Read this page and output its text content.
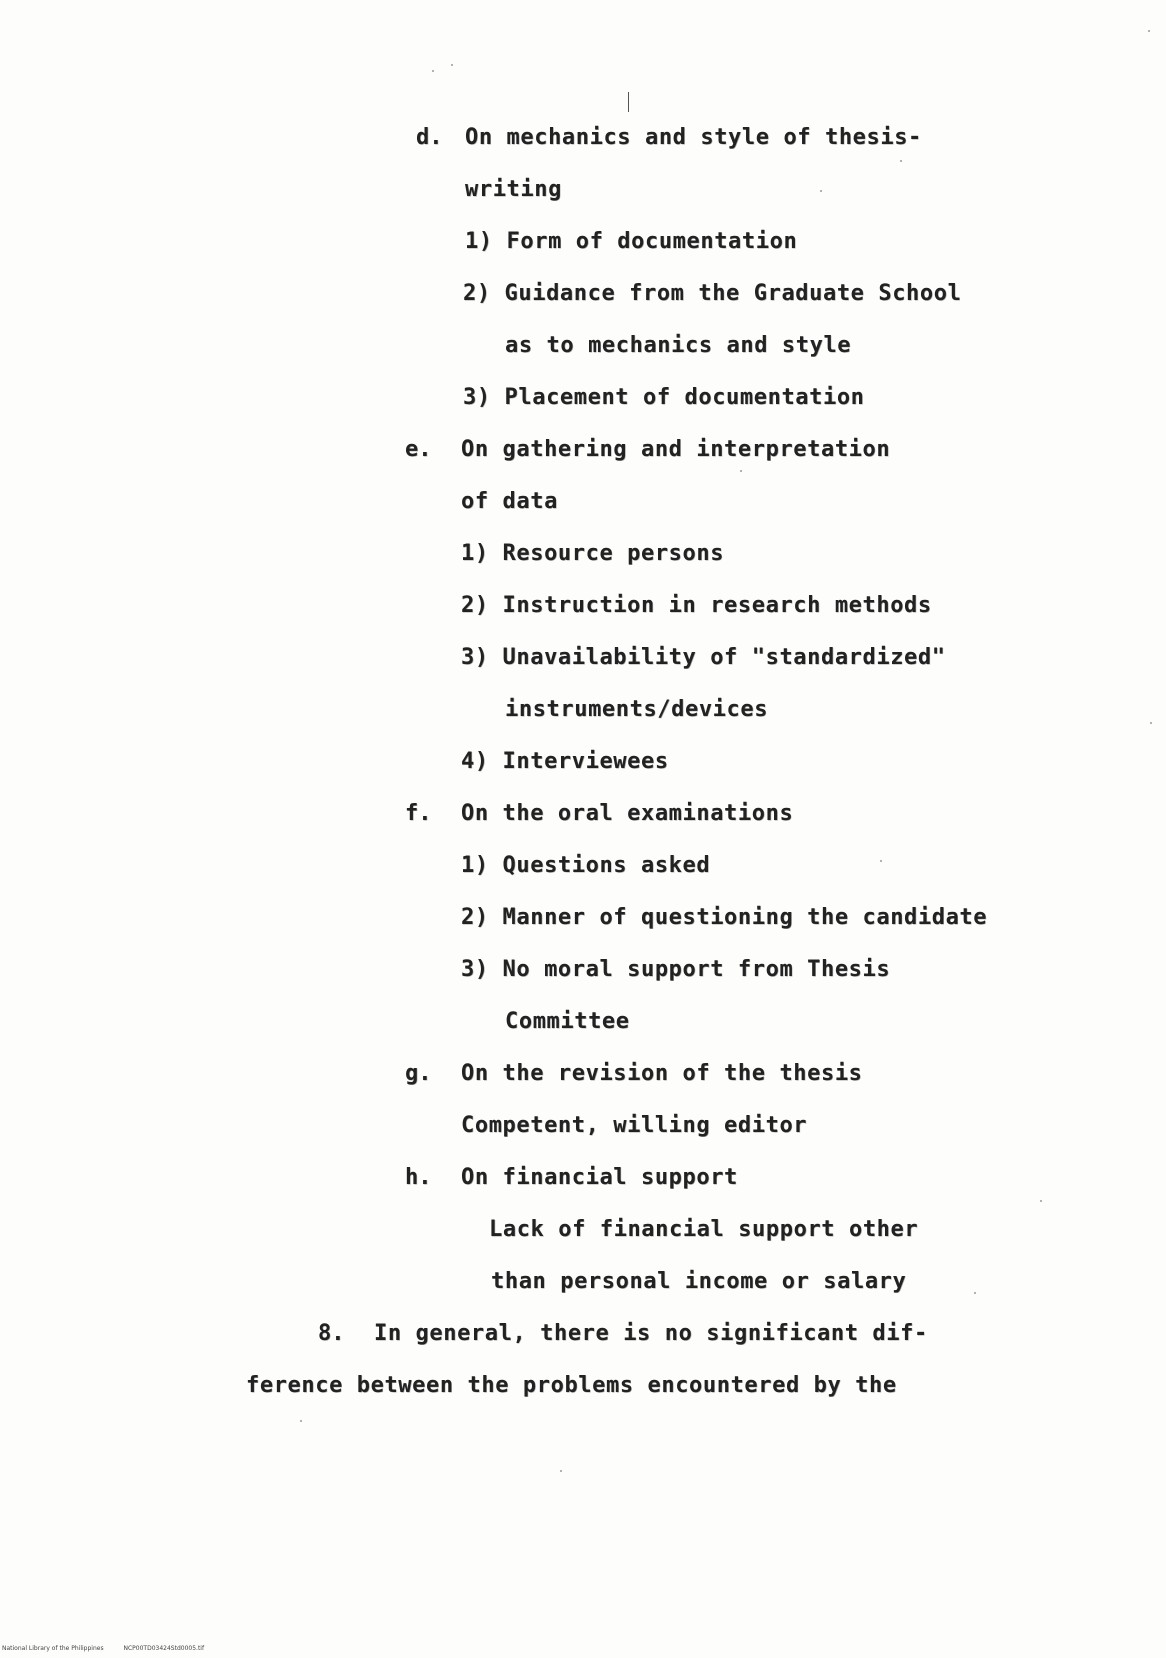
d. On mechanics and style of thesis-
writing
1) Form of documentation
2) Guidance from the Graduate School
as to mechanics and style
3) Placement of documentation
e. On gathering and interpretation
of data
1) Resource persons
2) Instruction in research methods
3) Unavailability of "standardized"
instruments/devices
4) Interviewees
f. On the oral examinations
1) Questions asked
2) Manner of questioning the candidate
3) No moral support from Thesis
Committee
g. On the revision of the thesis
Competent, willing editor
h. On financial support
Lack of financial support other
than personal income or salary
8. In general, there is no significant dif-
ference between the problems encountered by the
National Library of the Philippines	NCP00TD03424Std0005.tif
